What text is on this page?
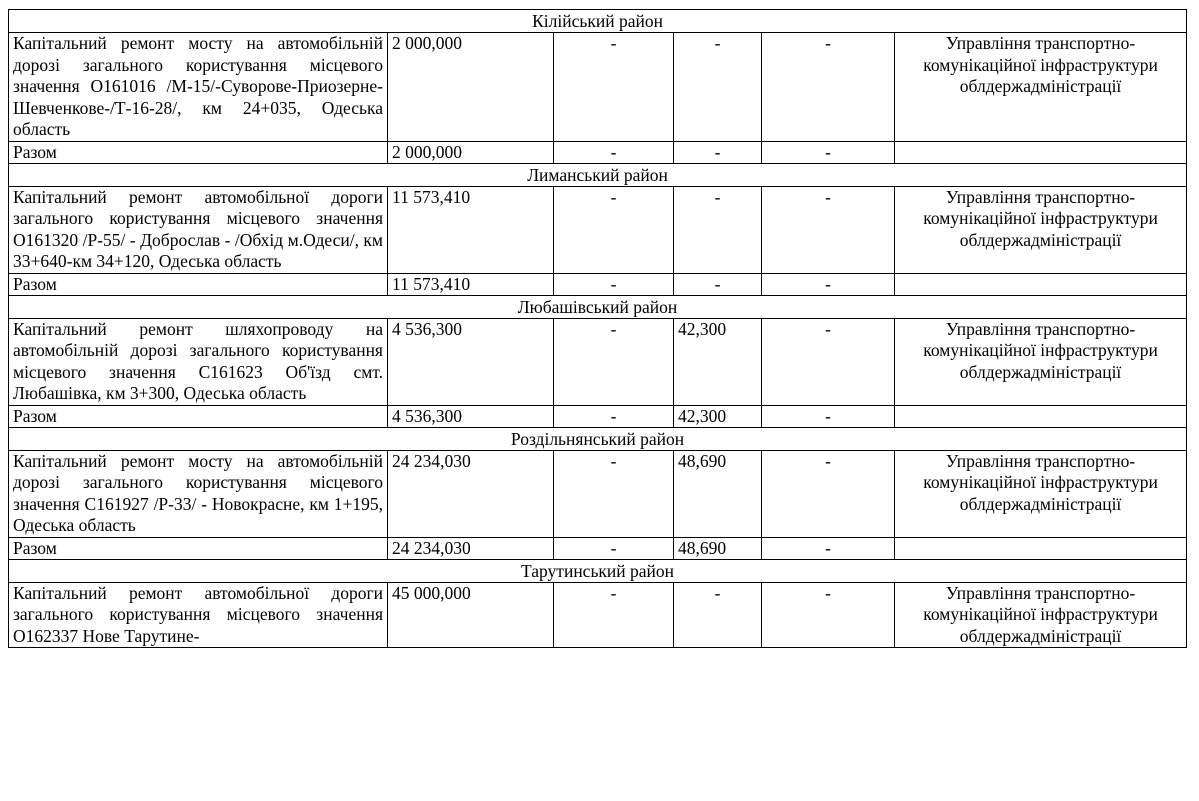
Кілійський район					
Капітальний ремонт мосту на автомобільній дорозі загального користування місцевого значення О161016 /М-15/-Суворове-Приозерне-Шевченкове-/Т-16-28/, км 24+035, Одеська область	2 000,000	-	-	-	Управління транспортно-комунікаційної інфраструктури облдержадміністрації
Разом	2 000,000	-	-	-	
Лиманський район					
Капітальний ремонт автомобільної дороги загального користування місцевого значення О161320 /Р-55/ - Доброслав - /Обхід м.Одеси/, км 33+640-км 34+120, Одеська область	11 573,410	-	-	-	Управління транспортно-комунікаційної інфраструктури облдержадміністрації
Разом	11 573,410	-	-	-	
Любашівський район					
Капітальний ремонт шляхопроводу на автомобільній дорозі загального користування місцевого значення С161623 Об'їзд смт. Любашівка, км 3+300, Одеська область	4 536,300	-	42,300	-	Управління транспортно-комунікаційної інфраструктури облдержадміністрації
Разом	4 536,300	-	42,300	-	
Роздільнянський район					
Капітальний ремонт мосту на автомобільній дорозі загального користування місцевого значення С161927 /Р-33/ - Новокрасне, км 1+195, Одеська область	24 234,030	-	48,690	-	Управління транспортно-комунікаційної інфраструктури облдержадміністрації
Разом	24 234,030	-	48,690	-	
Тарутинський район					
Капітальний ремонт автомобільної дороги загального користування місцевого значення О162337 Нове Тарутине-	45 000,000	-	-	-	Управління транспортно-комунікаційної інфраструктури облдержадміністрації
